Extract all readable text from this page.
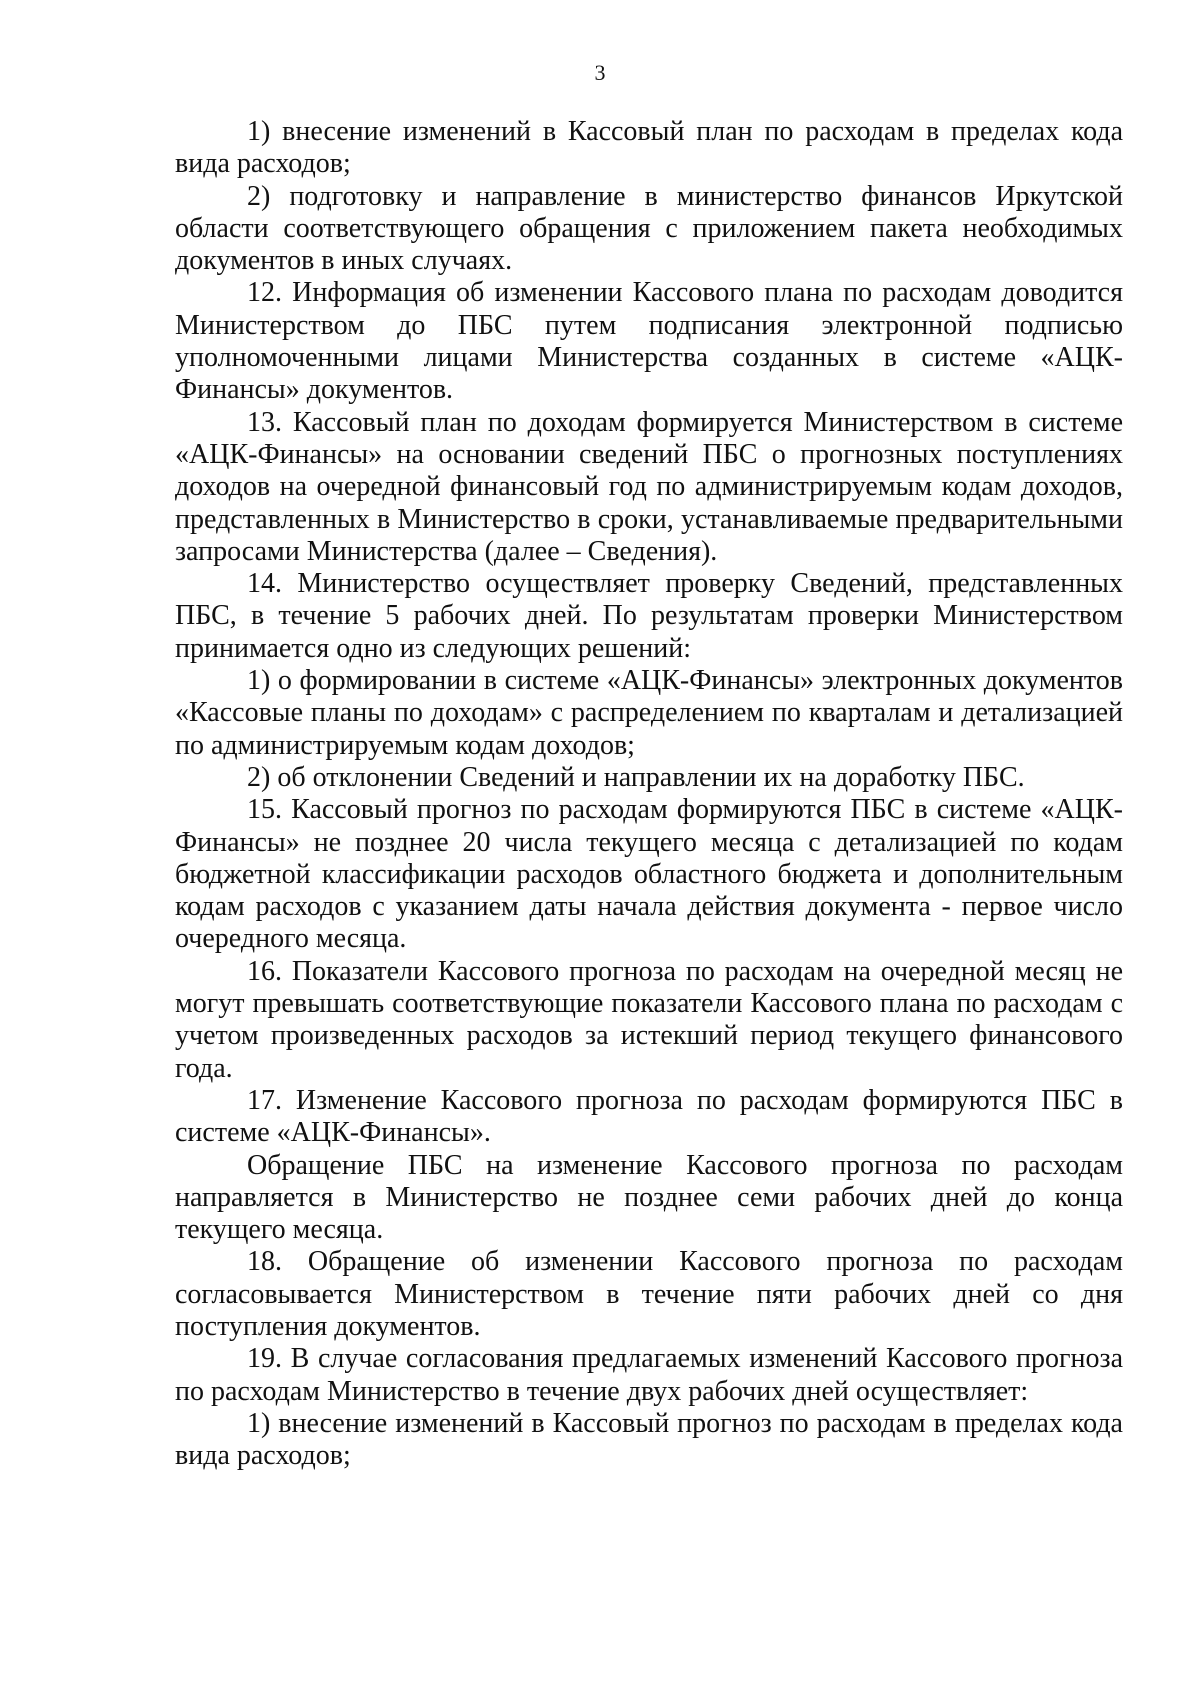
3

1) внесение изменений в Кассовый план по расходам в пределах кода вида расходов;

2) подготовку и направление в министерство финансов Иркутской области соответствующего обращения с приложением пакета необходимых документов в иных случаях.

12. Информация об изменении Кассового плана по расходам доводится Министерством до ПБС путем подписания электронной подписью уполномоченными лицами Министерства созданных в системе «АЦК-Финансы» документов.

13. Кассовый план по доходам формируется Министерством в системе «АЦК-Финансы» на основании сведений ПБС о прогнозных поступлениях доходов на очередной финансовый год по администрируемым кодам доходов, представленных в Министерство в сроки, устанавливаемые предварительными запросами Министерства (далее – Сведения).

14. Министерство осуществляет проверку Сведений, представленных ПБС, в течение 5 рабочих дней. По результатам проверки Министерством принимается одно из следующих решений:

1) о формировании в системе «АЦК-Финансы» электронных документов «Кассовые планы по доходам» с распределением по кварталам и детализацией по администрируемым кодам доходов;

2) об отклонении Сведений и направлении их на доработку ПБС.

15. Кассовый прогноз по расходам формируются ПБС в системе «АЦК-Финансы» не позднее 20 числа текущего месяца с детализацией по кодам бюджетной классификации расходов областного бюджета и дополнительным кодам расходов с указанием даты начала действия документа - первое число очередного месяца.

16. Показатели Кассового прогноза по расходам на очередной месяц не могут превышать соответствующие показатели Кассового плана по расходам с учетом произведенных расходов за истекший период текущего финансового года.

17. Изменение Кассового прогноза по расходам формируются ПБС в системе «АЦК-Финансы».

Обращение ПБС на изменение Кассового прогноза по расходам направляется в Министерство не позднее семи рабочих дней до конца текущего месяца.

18. Обращение об изменении Кассового прогноза по расходам согласовывается Министерством в течение пяти рабочих дней со дня поступления документов.

19. В случае согласования предлагаемых изменений Кассового прогноза по расходам Министерство в течение двух рабочих дней осуществляет:

1) внесение изменений в Кассовый прогноз по расходам в пределах кода вида расходов;
